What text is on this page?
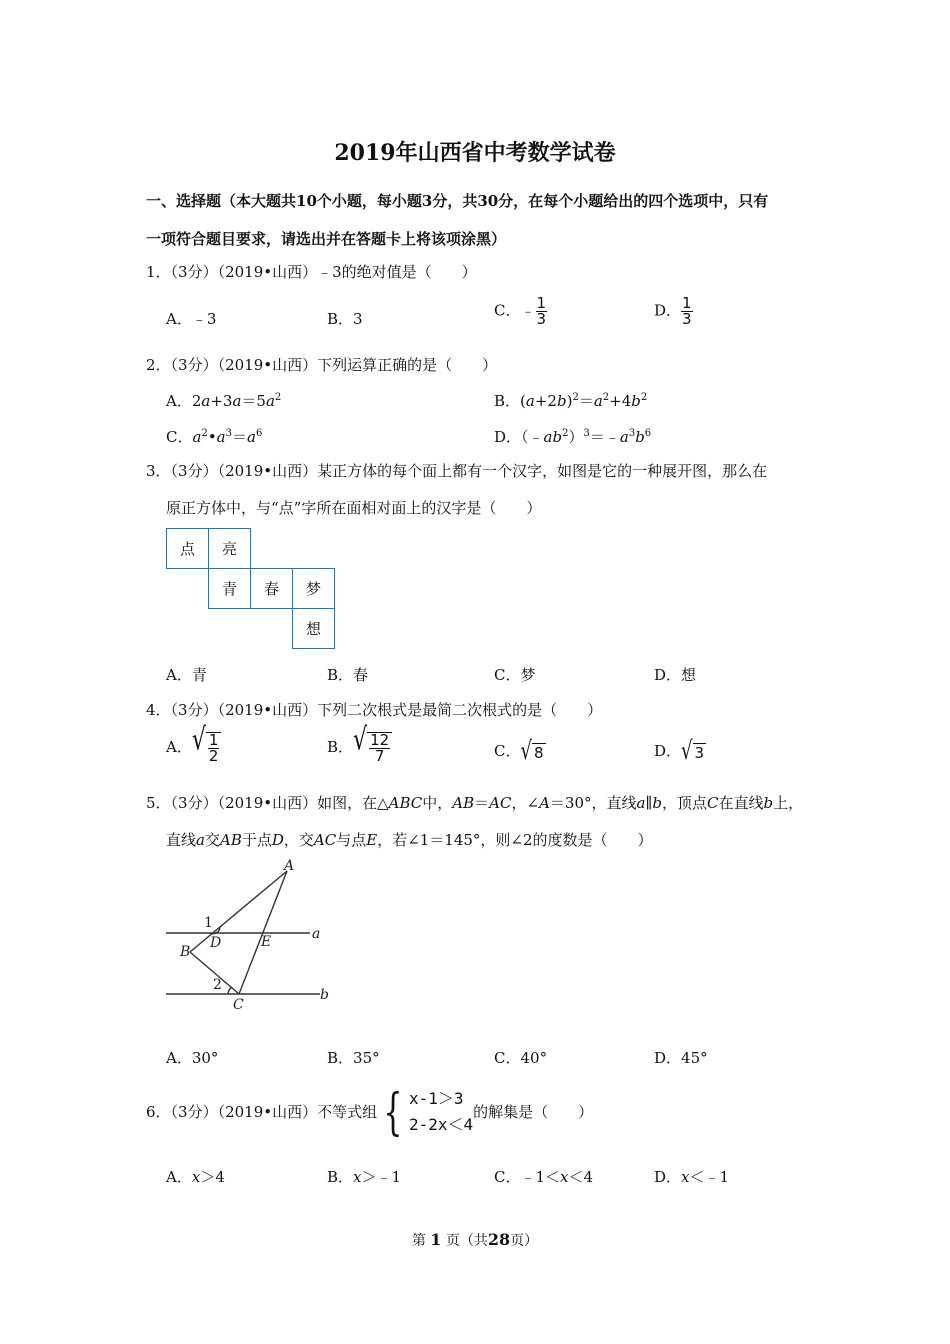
2019年山西省中考数学试卷
一、选择题（本大题共10个小题，每小题3分，共30分，在每个小题给出的四个选项中，只有
一项符合题目要求，请选出并在答题卡上将该项涂黑）
1．（3分）（2019•山西）﹣3的绝对值是（　　）
A．﹣3	B．3	C．﹣ $\frac{1}{3}$	D． $\frac{1}{3}$
2．（3分）（2019•山西）下列运算正确的是（　　）
A．$2a+3a=5a^2$	B．$(a+2b)^2=a^2+4b^2$
C．$a^2•a^3=a^6$	D．$(﹣ab^2)^3=﹣a^3b^6$
3．（3分）（2019•山西）某正方体的每个面上都有一个汉字，如图是它的一种展开图，那么在
原正方体中，与“点”字所在面相对面上的汉字是（　　）
点	亮		
	青	春	梦
			想
A．青	B．春	C．梦	D．想
4．（3分）（2019•山西）下列二次根式是最简二次根式的是（　　）
A． √ $\frac{1}{2}$	B． √ $\frac{12}{7}$	C． √ 8	D． √ 3
5．（3分）（2019•山西）如图，在△ABC中，AB＝AC，∠A＝30°，直线a∥b，顶点C在直线b上，
直线a交AB于点D，交AC与点E，若∠1＝145°，则∠2的度数是（　　）
A
1
D	E	a
B
2
C
b
A．30°	B．35°	C．40°	D．45°
6．（3分）（2019•山西）不等式组 { x-1＞3
2-2x＜4
的解集是（　　）
A．x＞4	B．x＞﹣1	C．﹣1＜x＜4	D．x＜﹣1
第 1 页（共28页）
